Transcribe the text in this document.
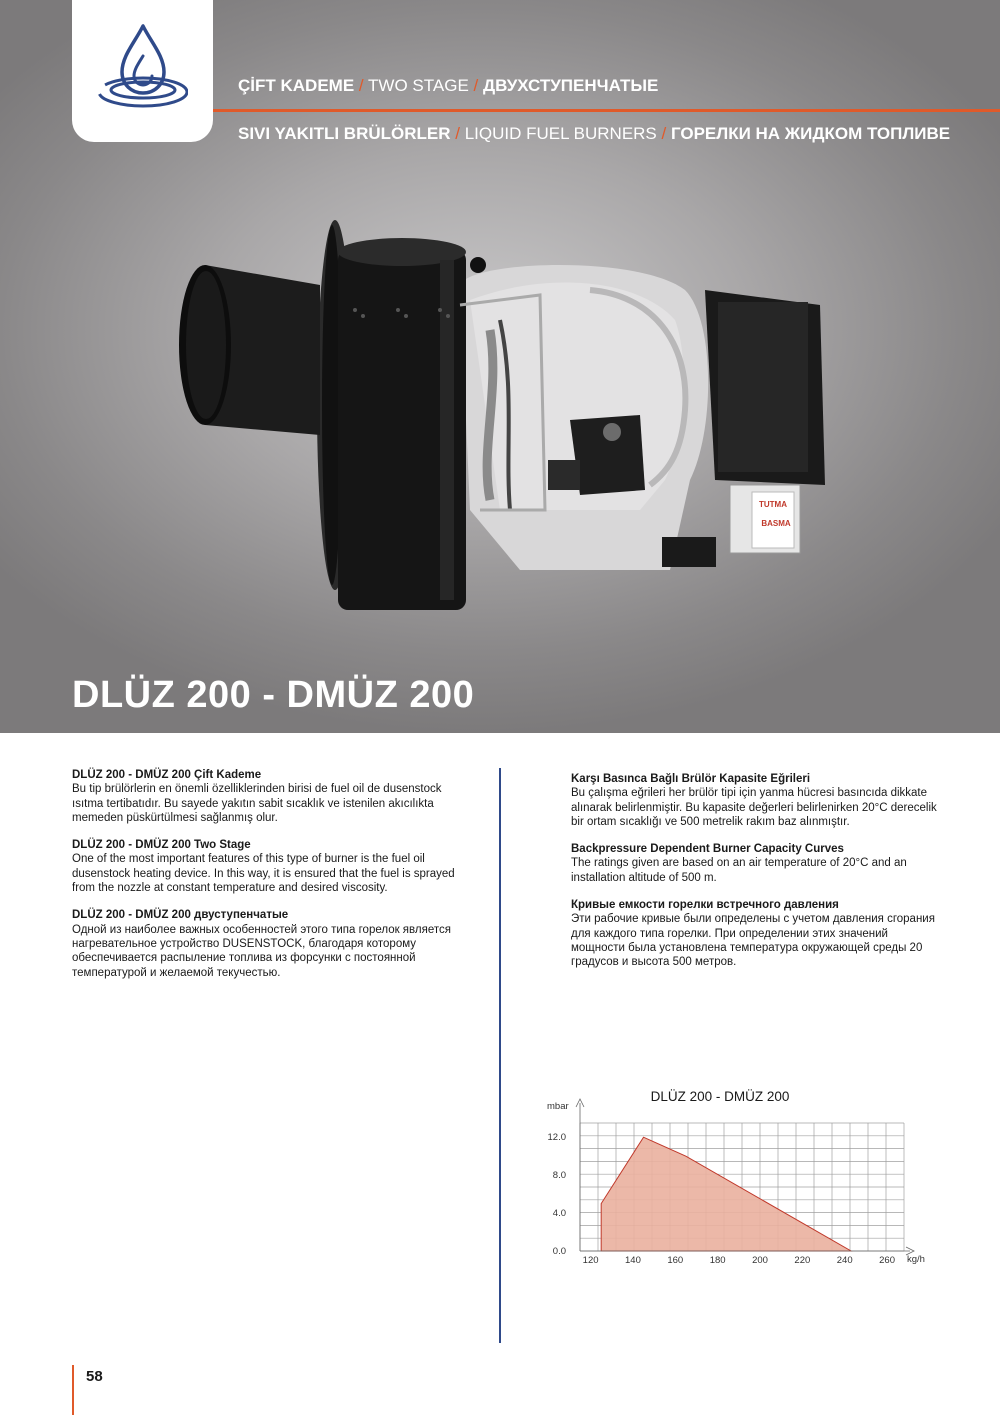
ÇİFT KADEME / TWO STAGE / ДВУХСТУПЕНЧАТЫЕ
SIVI YAKITLI BRÜLÖRLER / LIQUID FUEL BURNERS / ГОРЕЛКИ НА ЖИДКОМ ТОПЛИВЕ
TUTMA
BASMA
DLÜZ 200 - DMÜZ 200

DLÜZ 200 - DMÜZ 200 Çift Kademe
Bu tip brülörlerin en önemli özelliklerinden birisi de fuel oil de dusenstock ısıtma tertibatıdır. Bu sayede yakıtın sabit sıcaklık ve istenilen akıcılıkta memeden püskürtülmesi sağlanmış olur.

DLÜZ 200 - DMÜZ 200 Two Stage
One of the most important features of this type of burner is the fuel oil dusenstock heating device. In this way, it is ensured that the fuel is sprayed from the nozzle at constant temperature and desired viscosity.

DLÜZ 200 - DMÜZ 200 двуступенчатые
Одной из наиболее важных особенностей этого типа горелок является нагревательное устройство DUSENSTOCK, благодаря которому обеспечивается распыление топлива из форсунки с постоянной температурой и желаемой текучестью.

Karşı Basınca Bağlı Brülör Kapasite Eğrileri
Bu çalışma eğrileri her brülör tipi için yanma hücresi basıncıda dikkate alınarak belirlenmiştir. Bu kapasite değerleri belirlenirken 20°C derecelik bir ortam sıcaklığı ve 500 metrelik rakım baz alınmıştır.

Backpressure Dependent Burner Capacity Curves
The ratings given are based on an air temperature of 20°C and an installation altitude of 500 m.

Кривые емкости горелки встречного давления
Эти рабочие кривые были определены с учетом давления сгорания для каждого типа горелки. При определении этих значений мощности была установлена температура окружающей среды 20 градусов и высота 500 метров.

DLÜZ 200 - DMÜZ 200
mbar
kg/h
120	140	160	180	200	220	240	260
0.0
4.0
8.0
12.0
58
